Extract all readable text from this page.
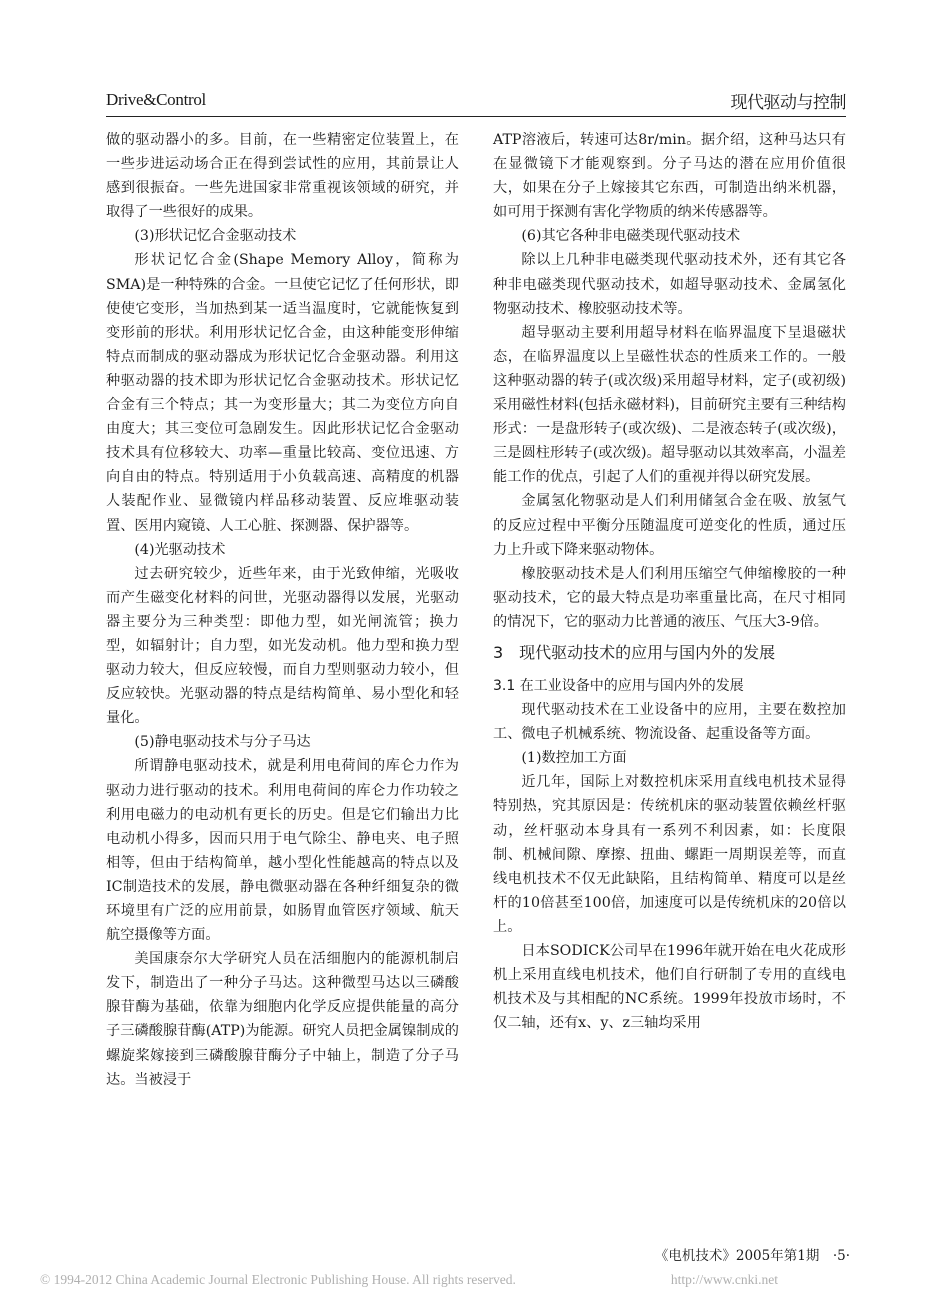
Drive&Control	现代驱动与控制

做的驱动器小的多。目前，在一些精密定位装置上，在一些步进运动场合正在得到尝试性的应用，其前景让人感到很振奋。一些先进国家非常重视该领域的研究，并取得了一些很好的成果。

(3)形状记忆合金驱动技术

形状记忆合金(Shape Memory Alloy，简称为SMA)是一种特殊的合金。一旦使它记忆了任何形状，即使使它变形，当加热到某一适当温度时，它就能恢复到变形前的形状。利用形状记忆合金，由这种能变形伸缩特点而制成的驱动器成为形状记忆合金驱动器。利用这种驱动器的技术即为形状记忆合金驱动技术。形状记忆合金有三个特点；其一为变形量大；其二为变位方向自由度大；其三变位可急剧发生。因此形状记忆合金驱动技术具有位移较大、功率—重量比较高、变位迅速、方向自由的特点。特别适用于小负载高速、高精度的机器人装配作业、显微镜内样品移动装置、反应堆驱动装置、医用内窥镜、人工心脏、探测器、保护器等。

(4)光驱动技术

过去研究较少，近些年来，由于光致伸缩，光吸收而产生磁变化材料的问世，光驱动器得以发展，光驱动器主要分为三种类型：即他力型，如光闸流管；换力型，如辐射计；自力型，如光发动机。他力型和换力型驱动力较大，但反应较慢，而自力型则驱动力较小，但反应较快。光驱动器的特点是结构简单、易小型化和轻量化。

(5)静电驱动技术与分子马达

所谓静电驱动技术，就是利用电荷间的库仑力作为驱动力进行驱动的技术。利用电荷间的库仑力作功较之利用电磁力的电动机有更长的历史。但是它们输出力比电动机小得多，因而只用于电气除尘、静电夹、电子照相等，但由于结构简单，越小型化性能越高的特点以及IC制造技术的发展，静电微驱动器在各种纤细复杂的微环境里有广泛的应用前景，如肠胃血管医疗领域、航天航空摄像等方面。

美国康奈尔大学研究人员在活细胞内的能源机制启发下，制造出了一种分子马达。这种微型马达以三磷酸腺苷酶为基础，依靠为细胞内化学反应提供能量的高分子三磷酸腺苷酶(ATP)为能源。研究人员把金属镍制成的螺旋桨嫁接到三磷酸腺苷酶分子中轴上，制造了分子马达。当被浸于

ATP溶液后，转速可达8r/min。据介绍，这种马达只有在显微镜下才能观察到。分子马达的潜在应用价值很大，如果在分子上嫁接其它东西，可制造出纳米机器，如可用于探测有害化学物质的纳米传感器等。

(6)其它各种非电磁类现代驱动技术

除以上几种非电磁类现代驱动技术外，还有其它各种非电磁类现代驱动技术，如超导驱动技术、金属氢化物驱动技术、橡胶驱动技术等。

超导驱动主要利用超导材料在临界温度下呈退磁状态，在临界温度以上呈磁性状态的性质来工作的。一般这种驱动器的转子(或次级)采用超导材料，定子(或初级)采用磁性材料(包括永磁材料)，目前研究主要有三种结构形式：一是盘形转子(或次级)、二是液态转子(或次级)，三是圆柱形转子(或次级)。超导驱动以其效率高，小温差能工作的优点，引起了人们的重视并得以研究发展。

金属氢化物驱动是人们利用储氢合金在吸、放氢气的反应过程中平衡分压随温度可逆变化的性质，通过压力上升或下降来驱动物体。

橡胶驱动技术是人们利用压缩空气伸缩橡胶的一种驱动技术，它的最大特点是功率重量比高，在尺寸相同的情况下，它的驱动力比普通的液压、气压大3-9倍。

3　现代驱动技术的应用与国内外的发展

3.1 在工业设备中的应用与国内外的发展

现代驱动技术在工业设备中的应用，主要在数控加工、微电子机械系统、物流设备、起重设备等方面。

(1)数控加工方面

近几年，国际上对数控机床采用直线电机技术显得特别热，究其原因是：传统机床的驱动装置依赖丝杆驱动，丝杆驱动本身具有一系列不利因素，如：长度限制、机械间隙、摩擦、扭曲、螺距一周期误差等，而直线电机技术不仅无此缺陷，且结构简单、精度可以是丝杆的10倍甚至100倍，加速度可以是传统机床的20倍以上。

日本SODICK公司早在1996年就开始在电火花成形机上采用直线电机技术，他们自行研制了专用的直线电机技术及与其相配的NC系统。1999年投放市场时，不仅二轴，还有x、y、z三轴均采用

《电机技术》2005年第1期　·5·
© 1994-2012 China Academic Journal Electronic Publishing House. All rights reserved.	http://www.cnki.net
